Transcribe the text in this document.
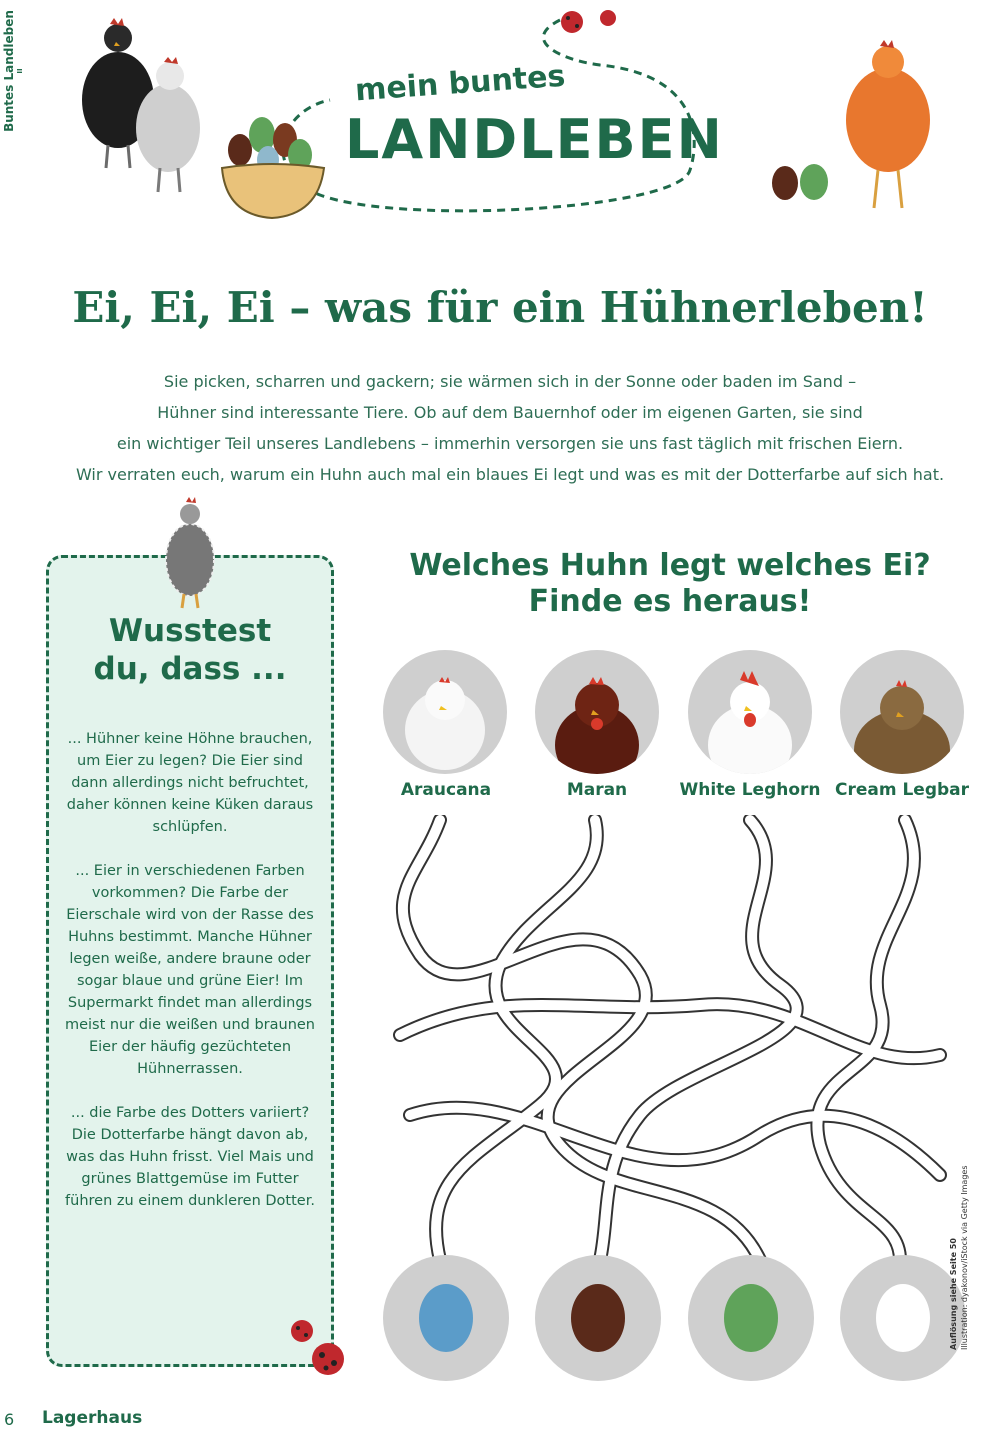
Buntes Landleben II	mein buntes
LANDLEBEN
Ei, Ei, Ei – was für ein Hühnerleben!

Sie picken, scharren und gackern; sie wärmen sich in der Sonne oder baden im Sand –

Hühner sind interessante Tiere. Ob auf dem Bauernhof oder im eigenen Garten, sie sind

ein wichtiger Teil unseres Landlebens – immerhin versorgen sie uns fast täglich mit frischen Eiern.

Wir verraten euch, warum ein Huhn auch mal ein blaues Ei legt und was es mit der Dotterfarbe auf sich hat.

Wusstest
du, dass ...

... Hühner keine Höhne brauchen, um Eier zu legen? Die Eier sind dann allerdings nicht befruchtet, daher können keine Küken daraus schlüpfen.

... Eier in verschiedenen Farben vorkommen? Die Farbe der Eierschale wird von der Rasse des Huhns bestimmt. Manche Hühner legen weiße, andere braune oder sogar blaue und grüne Eier! Im Supermarkt findet man allerdings meist nur die weißen und braunen Eier der häufig gezüchteten Hühnerrassen.

... die Farbe des Dotters variiert? Die Dotterfarbe hängt davon ab, was das Huhn frisst. Viel Mais und grünes Blattgemüse im Futter führen zu einem dunkleren Dotter.

Welches Huhn legt welches Ei?
Finde es heraus!
Araucana	Maran	White Leghorn Cream Legbar
Auflösung siehe Seite 50 Illustration: dyakonov/iStock via Getty Images
6 Lagerhaus
